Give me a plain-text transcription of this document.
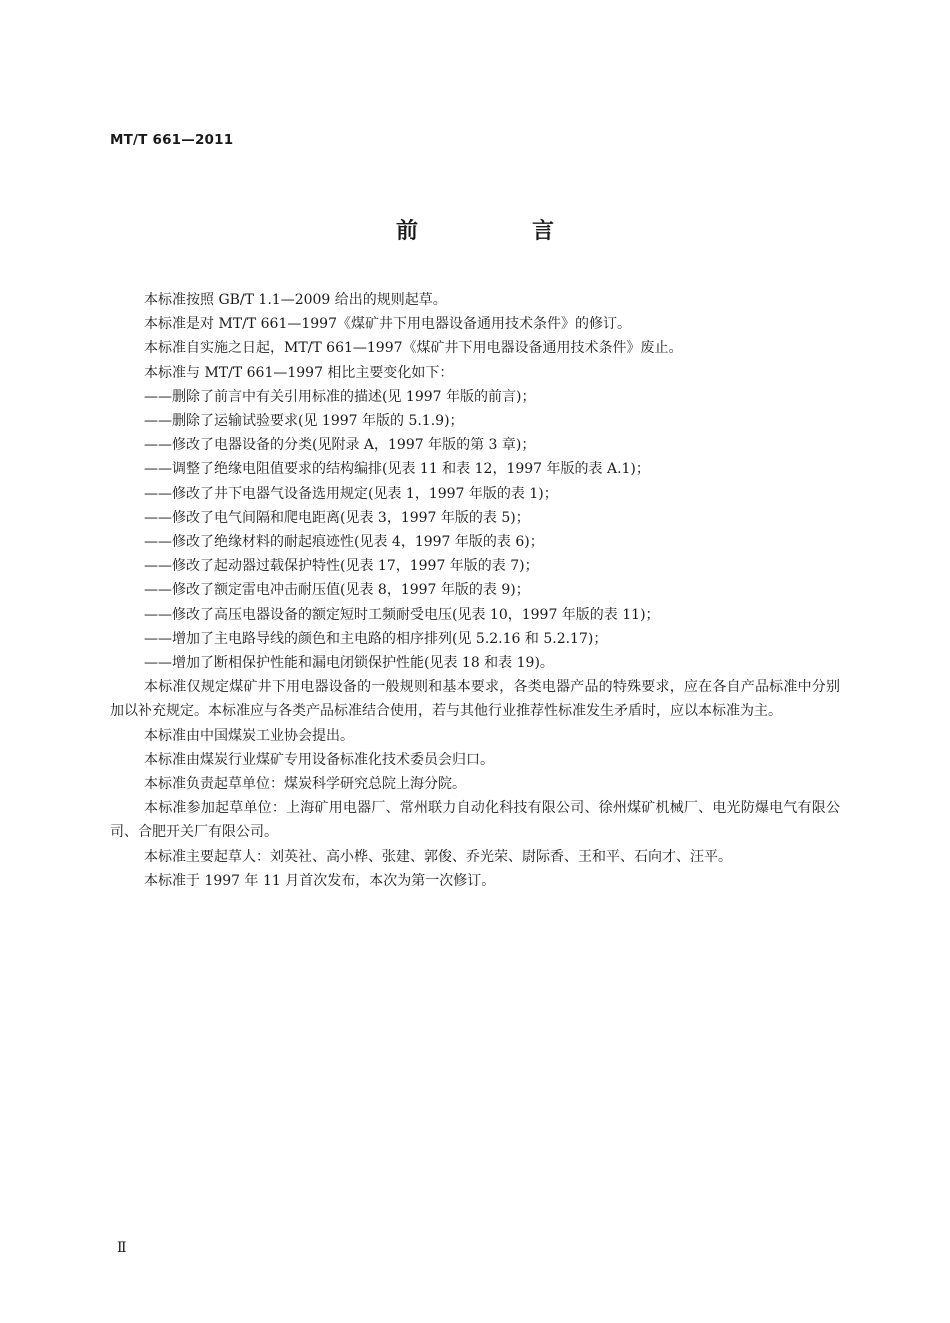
MT/T 661—2011
前　言

本标准按照 GB/T 1.1—2009 给出的规则起草。

本标准是对 MT/T 661—1997《煤矿井下用电器设备通用技术条件》的修订。

本标准自实施之日起，MT/T 661—1997《煤矿井下用电器设备通用技术条件》废止。

本标准与 MT/T 661—1997 相比主要变化如下：

——删除了前言中有关引用标准的描述(见 1997 年版的前言)；

——删除了运输试验要求(见 1997 年版的 5.1.9)；

——修改了电器设备的分类(见附录 A，1997 年版的第 3 章)；

——调整了绝缘电阻值要求的结构编排(见表 11 和表 12，1997 年版的表 A.1)；

——修改了井下电器气设备选用规定(见表 1，1997 年版的表 1)；

——修改了电气间隔和爬电距离(见表 3，1997 年版的表 5)；

——修改了绝缘材料的耐起痕迹性(见表 4，1997 年版的表 6)；

——修改了起动器过载保护特性(见表 17，1997 年版的表 7)；

——修改了额定雷电冲击耐压值(见表 8，1997 年版的表 9)；

——修改了高压电器设备的额定短时工频耐受电压(见表 10，1997 年版的表 11)；

——增加了主电路导线的颜色和主电路的相序排列(见 5.2.16 和 5.2.17)；

——增加了断相保护性能和漏电闭锁保护性能(见表 18 和表 19)。

本标准仅规定煤矿井下用电器设备的一般规则和基本要求，各类电器产品的特殊要求，应在各自产品标准中分别加以补充规定。本标准应与各类产品标准结合使用，若与其他行业推荐性标准发生矛盾时，应以本标准为主。

本标准由中国煤炭工业协会提出。

本标准由煤炭行业煤矿专用设备标准化技术委员会归口。

本标准负责起草单位：煤炭科学研究总院上海分院。

本标准参加起草单位：上海矿用电器厂、常州联力自动化科技有限公司、徐州煤矿机械厂、电光防爆电气有限公司、合肥开关厂有限公司。

本标准主要起草人：刘英社、高小桦、张建、郭俊、乔光荣、尉际香、王和平、石向才、汪平。

本标准于 1997 年 11 月首次发布，本次为第一次修订。

Ⅱ
